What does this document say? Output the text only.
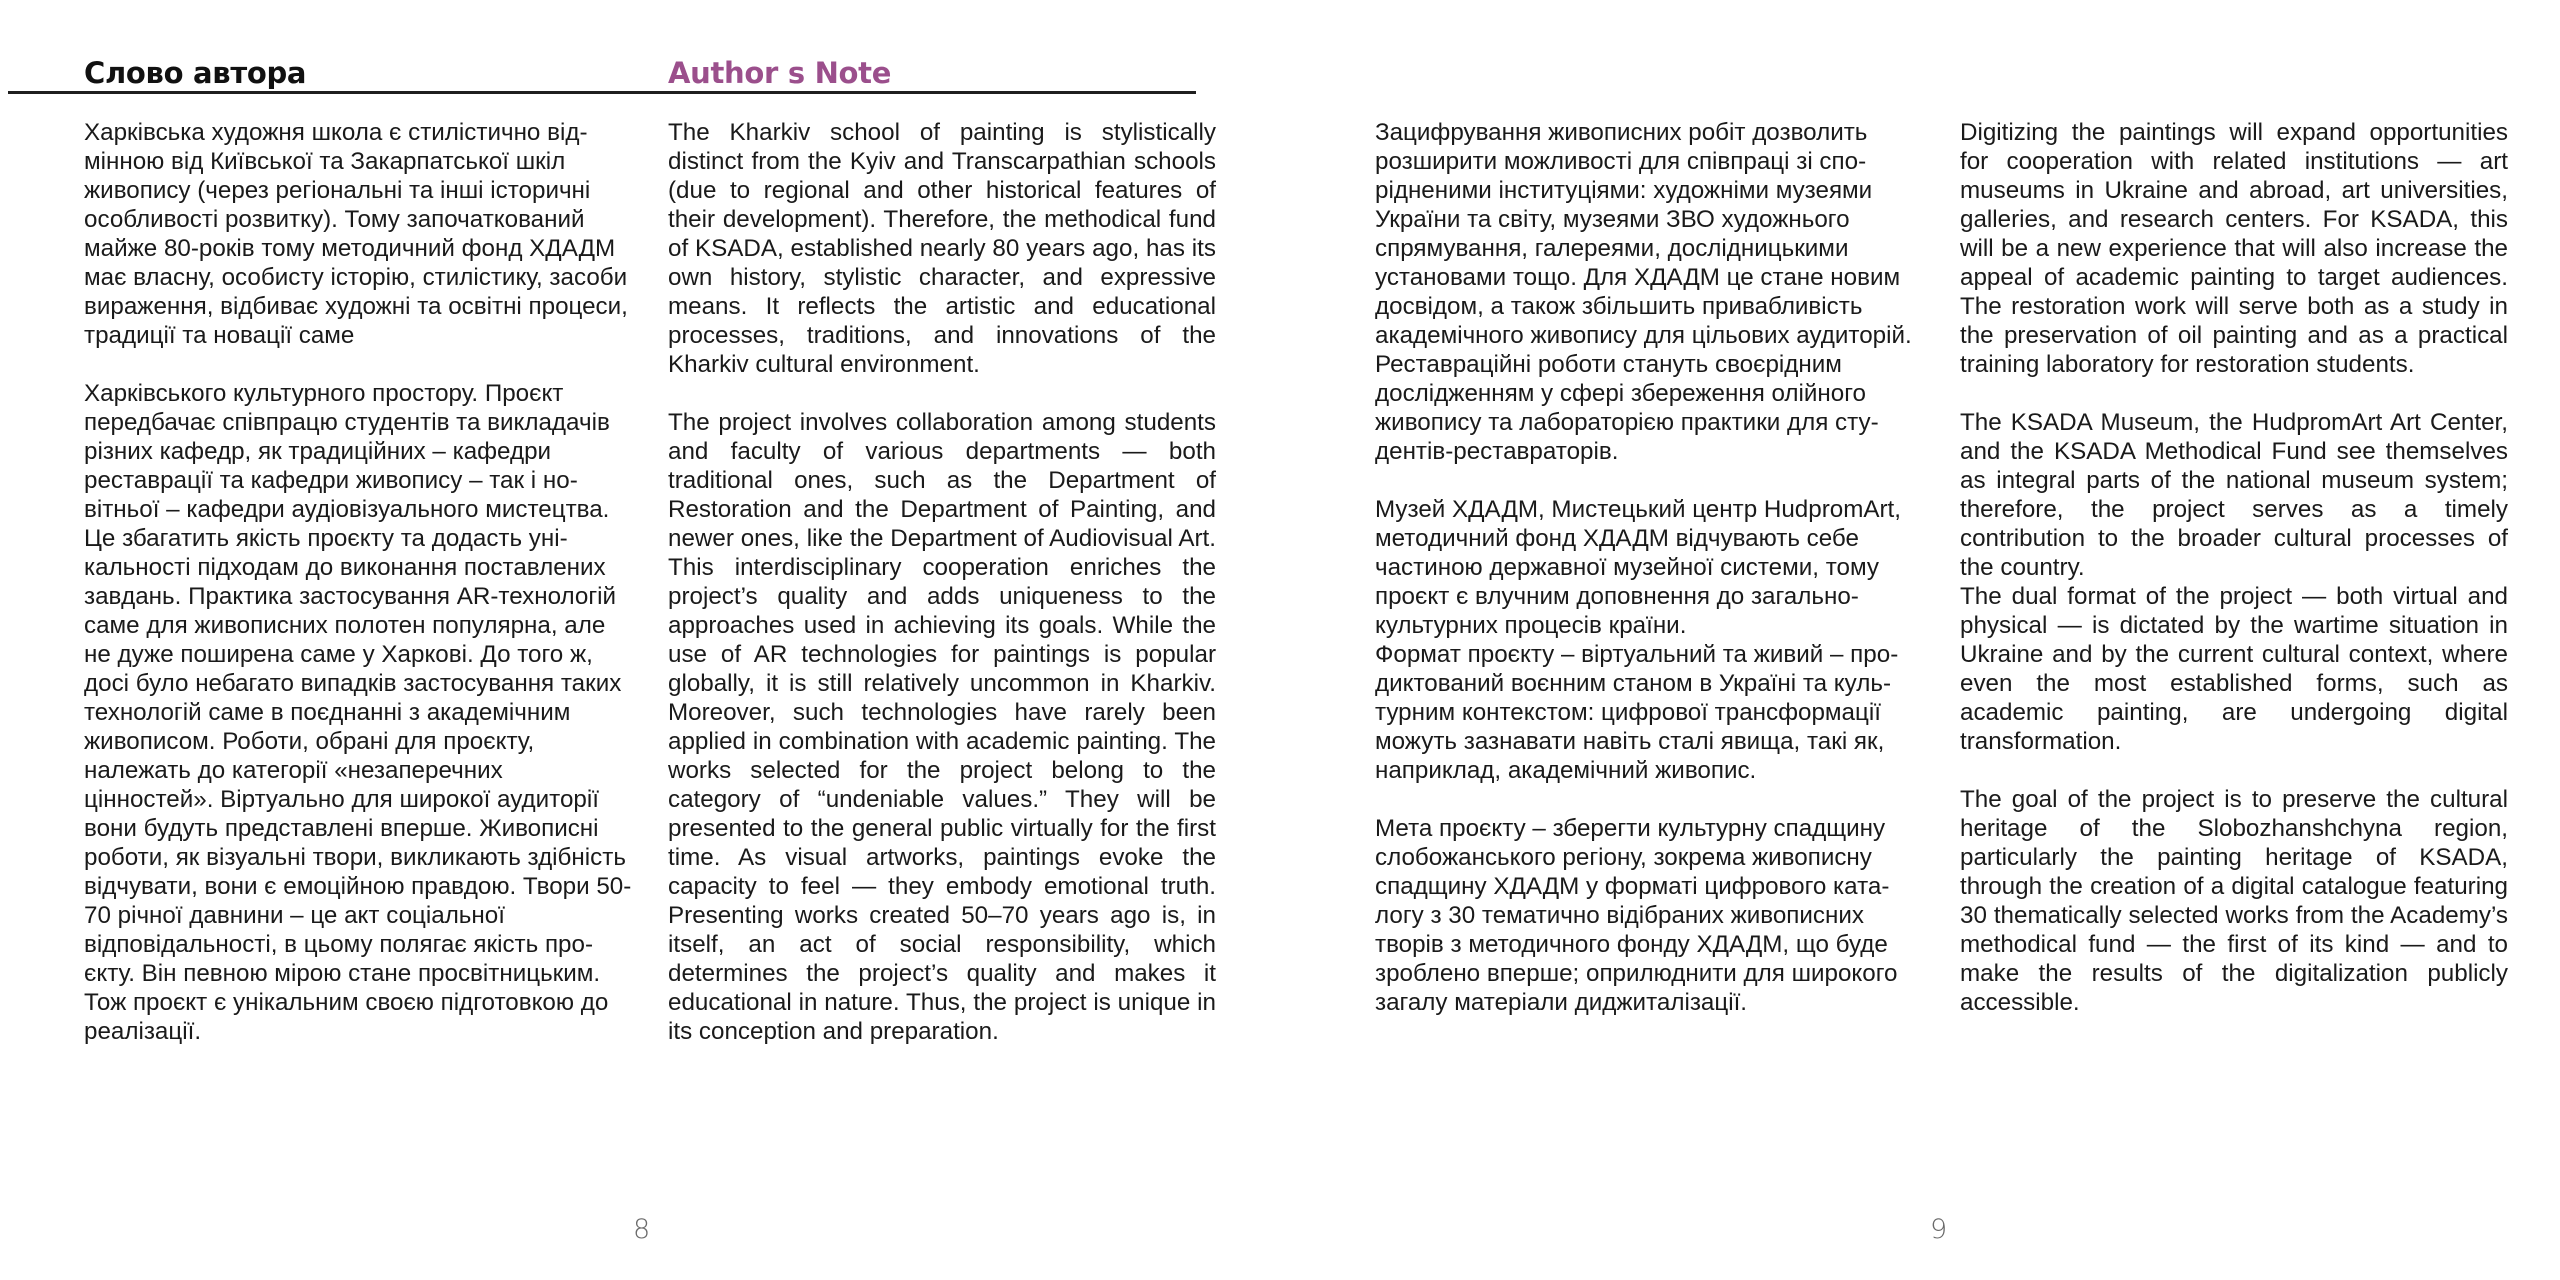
Слово автора	Author s Note

Харківська художня школа є стилістично відмінною від Київської та Закарпатської шкіл живопису (через регіональні та інші історичні особливості розвитку). Тому започаткований майже 80-років тому методичний фонд ХДАДМ має власну, особисту історію, стилістику, засоби вираження, відбиває художні та освітні процеси, традиції та новації саме

Харківського культурного простору. Проєкт передбачає співпрацю студентів та викладачів різних кафедр, як традиційних – кафедри реставрації та кафедри живопису – так і новітньої – кафедри аудіовізуального мистецтва. Це збагатить якість проєкту та додасть унікальності підходам до виконання поставлених завдань. Практика застосування AR-технологій саме для живописних полотен популярна, але не дуже поширена саме у Харкові. До того ж, досі було небагато випадків застосування таких технологій саме в поєднанні з академічним живописом. Роботи, обрані для проєкту, належать до категорії «незаперечних цінностей». Віртуально для широкої аудиторії вони будуть представлені вперше. Живописні роботи, як візуальні твори, викликають здібність відчувати, вони є емоційною правдою. Твори 50-70 річної давнини – це акт соціальної відповідальності, в цьому полягає якість проєкту. Він певною мірою стане просвітницьким. Тож проєкт є унікальним своєю підготовкою до реалізації.

The Kharkiv school of painting is stylistically distinct from the Kyiv and Transcarpathian schools (due to regional and other historical features of their development). Therefore, the methodical fund of KSADA, established nearly 80 years ago, has its own history, stylistic character, and expressive means. It reflects the artistic and educational processes, traditions, and innovations of the Kharkiv cultural environment.

The project involves collaboration among students and faculty of various departments — both traditional ones, such as the Department of Restoration and the Department of Painting, and newer ones, like the Department of Audiovisual Art. This interdisciplinary cooperation enriches the project’s quality and adds uniqueness to the approaches used in achieving its goals. While the use of AR technologies for paintings is popular globally, it is still relatively uncommon in Kharkiv. Moreover, such technologies have rarely been applied in combination with academic painting. The works selected for the project belong to the category of “undeniable values.” They will be presented to the general public virtually for the first time. As visual artworks, paintings evoke the capacity to feel — they embody emotional truth. Presenting works created 50–70 years ago is, in itself, an act of social responsibility, which determines the project’s quality and makes it educational in nature. Thus, the project is unique in its conception and preparation.

8

Зацифрування живописних робіт дозволить розширити можливості для співпраці зі спорідненими інституціями: художніми музеями України та світу, музеями ЗВО художнього спрямування, галереями, дослідницькими установами тощо. Для ХДАДМ це стане новим досвідом, а також збільшить привабливість академічного живопису для цільових аудиторій. Реставраційні роботи стануть своєрідним дослідженням у сфері збереження олійного живопису та лабораторією практики для студентів-реставраторів.

Музей ХДАДМ, Мистецький центр HudpromArt, методичний фонд ХДАДМ відчувають себе частиною державної музейної системи, тому проєкт є влучним доповнення до загальнокультурних процесів країни.

Формат проєкту – віртуальний та живий – продиктований воєнним станом в Україні та культурним контекстом: цифрової трансформації можуть зазнавати навіть сталі явища, такі як, наприклад, академічний живопис.

Мета проєкту – зберегти культурну спадщину слобожанського регіону, зокрема живописну спадщину ХДАДМ у форматі цифрового каталогу з 30 тематично відібраних живописних творів з методичного фонду ХДАДМ, що буде зроблено вперше; оприлюднити для широкого загалу матеріали диджиталізації.

Digitizing the paintings will expand opportunities for cooperation with related institutions — art museums in Ukraine and abroad, art universities, galleries, and research centers. For KSADA, this will be a new experience that will also increase the appeal of academic painting to target audiences. The restoration work will serve both as a study in the preservation of oil painting and as a practical training laboratory for restoration students.

The KSADA Museum, the HudpromArt Art Center, and the KSADA Methodical Fund see themselves as integral parts of the national museum system; therefore, the project serves as a timely contribution to the broader cultural processes of the country.

The dual format of the project — both virtual and physical — is dictated by the wartime situation in Ukraine and by the current cultural context, where even the most established forms, such as academic painting, are undergoing digital transformation.

The goal of the project is to preserve the cultural heritage of the Slobozhanshchyna region, particularly the painting heritage of KSADA, through the creation of a digital catalogue featuring 30 thematically selected works from the Academy’s methodical fund — the first of its kind — and to make the results of the digitalization publicly accessible.

9
